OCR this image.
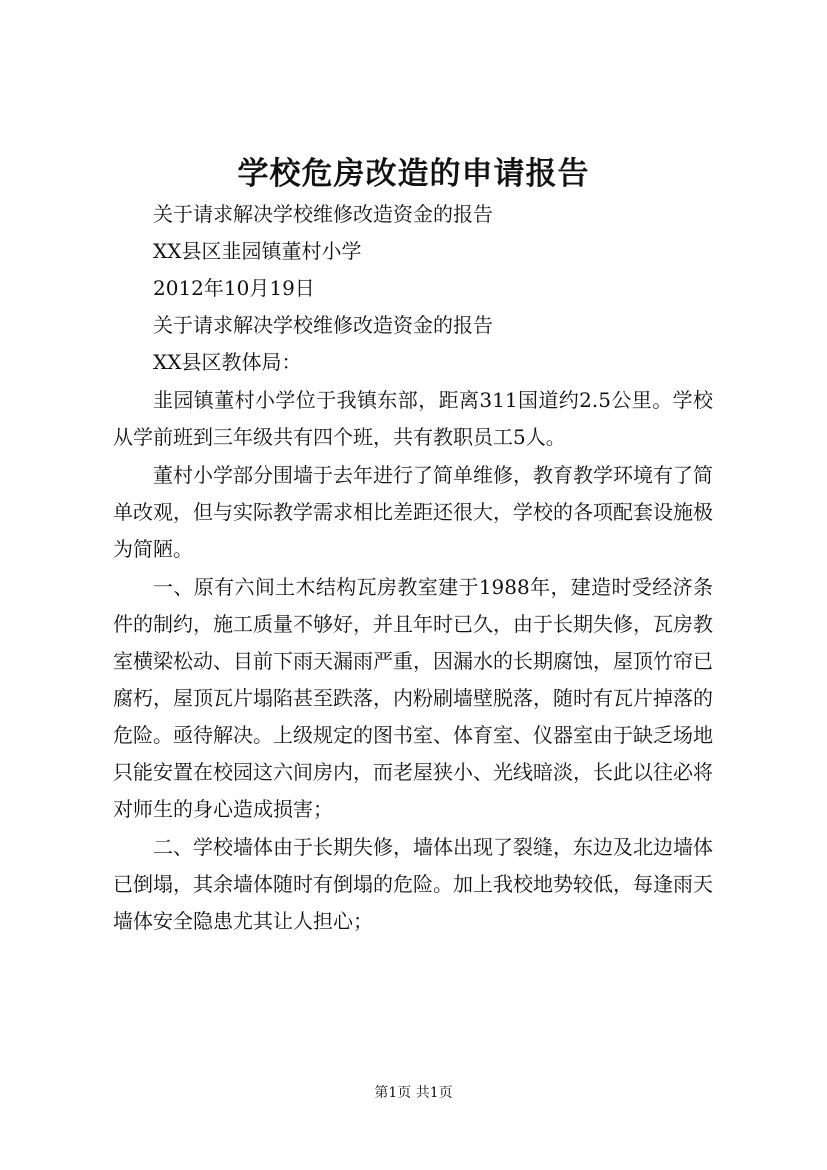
学校危房改造的申请报告

关于请求解决学校维修改造资金的报告

XX县区韭园镇董村小学

2012年10月19日

关于请求解决学校维修改造资金的报告

XX县区教体局：

韭园镇董村小学位于我镇东部，距离311国道约2.5公里。学校从学前班到三年级共有四个班，共有教职员工5人。

董村小学部分围墙于去年进行了简单维修，教育教学环境有了简单改观，但与实际教学需求相比差距还很大，学校的各项配套设施极为简陋。

一、原有六间土木结构瓦房教室建于1988年，建造时受经济条件的制约，施工质量不够好，并且年时已久，由于长期失修，瓦房教室横梁松动、目前下雨天漏雨严重，因漏水的长期腐蚀，屋顶竹帘已腐朽，屋顶瓦片塌陷甚至跌落，内粉刷墙壁脱落，随时有瓦片掉落的危险。亟待解决。上级规定的图书室、体育室、仪器室由于缺乏场地只能安置在校园这六间房内，而老屋狭小、光线暗淡，长此以往必将对师生的身心造成损害；

二、学校墙体由于长期失修，墙体出现了裂缝，东边及北边墙体已倒塌，其余墙体随时有倒塌的危险。加上我校地势较低，每逢雨天墙体安全隐患尤其让人担心；

第1页 共1页
